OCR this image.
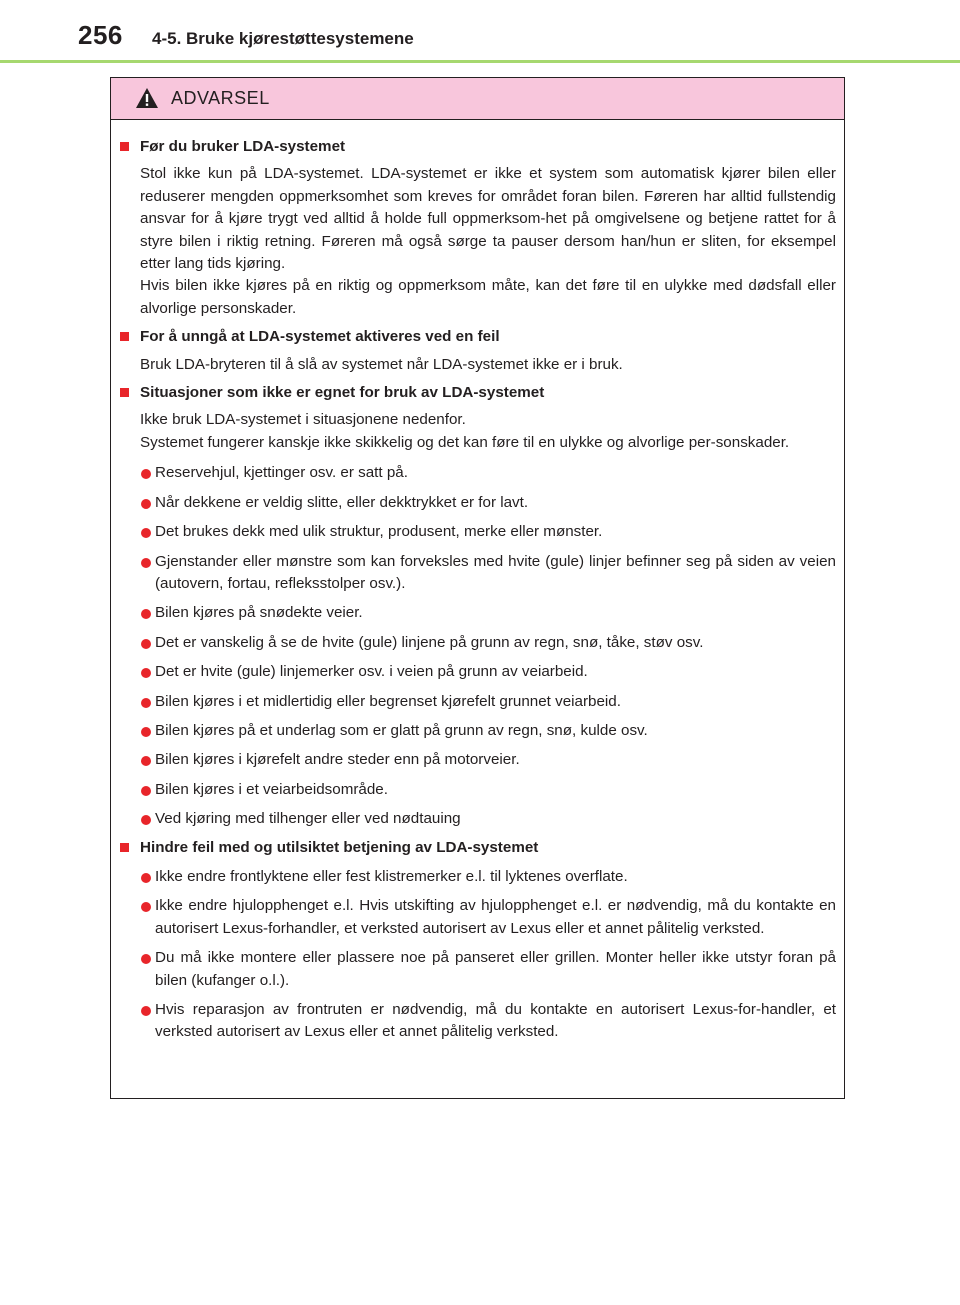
256 4-5. Bruke kjørestøttesystemene
ADVARSEL
Før du bruker LDA-systemet

Stol ikke kun på LDA-systemet. LDA-systemet er ikke et system som automatisk kjører bilen eller reduserer mengden oppmerksomhet som kreves for området foran bilen. Føreren har alltid fullstendig ansvar for å kjøre trygt ved alltid å holde full oppmerksom-het på omgivelsene og betjene rattet for å styre bilen i riktig retning. Føreren må også sørge ta pauser dersom han/hun er sliten, for eksempel etter lang tids kjøring.

Hvis bilen ikke kjøres på en riktig og oppmerksom måte, kan det føre til en ulykke med dødsfall eller alvorlige personskader.

For å unngå at LDA-systemet aktiveres ved en feil

Bruk LDA-bryteren til å slå av systemet når LDA-systemet ikke er i bruk.

Situasjoner som ikke er egnet for bruk av LDA-systemet

Ikke bruk LDA-systemet i situasjonene nedenfor.

Systemet fungerer kanskje ikke skikkelig og det kan føre til en ulykke og alvorlige per-sonskader.

Reservehjul, kjettinger osv. er satt på.
Når dekkene er veldig slitte, eller dekktrykket er for lavt.
Det brukes dekk med ulik struktur, produsent, merke eller mønster.
Gjenstander eller mønstre som kan forveksles med hvite (gule) linjer befinner seg på siden av veien (autovern, fortau, refleksstolper osv.).
Bilen kjøres på snødekte veier.
Det er vanskelig å se de hvite (gule) linjene på grunn av regn, snø, tåke, støv osv.
Det er hvite (gule) linjemerker osv. i veien på grunn av veiarbeid.
Bilen kjøres i et midlertidig eller begrenset kjørefelt grunnet veiarbeid.
Bilen kjøres på et underlag som er glatt på grunn av regn, snø, kulde osv.
Bilen kjøres i kjørefelt andre steder enn på motorveier.
Bilen kjøres i et veiarbeidsområde.
Ved kjøring med tilhenger eller ved nødtauing
Hindre feil med og utilsiktet betjening av LDA-systemet
Ikke endre frontlyktene eller fest klistremerker e.l. til lyktenes overflate.
Ikke endre hjulopphenget e.l. Hvis utskifting av hjulopphenget e.l. er nødvendig, må du kontakte en autorisert Lexus-forhandler, et verksted autorisert av Lexus eller et annet pålitelig verksted.
Du må ikke montere eller plassere noe på panseret eller grillen. Monter heller ikke utstyr foran på bilen (kufanger o.l.).
Hvis reparasjon av frontruten er nødvendig, må du kontakte en autorisert Lexus-for-handler, et verksted autorisert av Lexus eller et annet pålitelig verksted.
